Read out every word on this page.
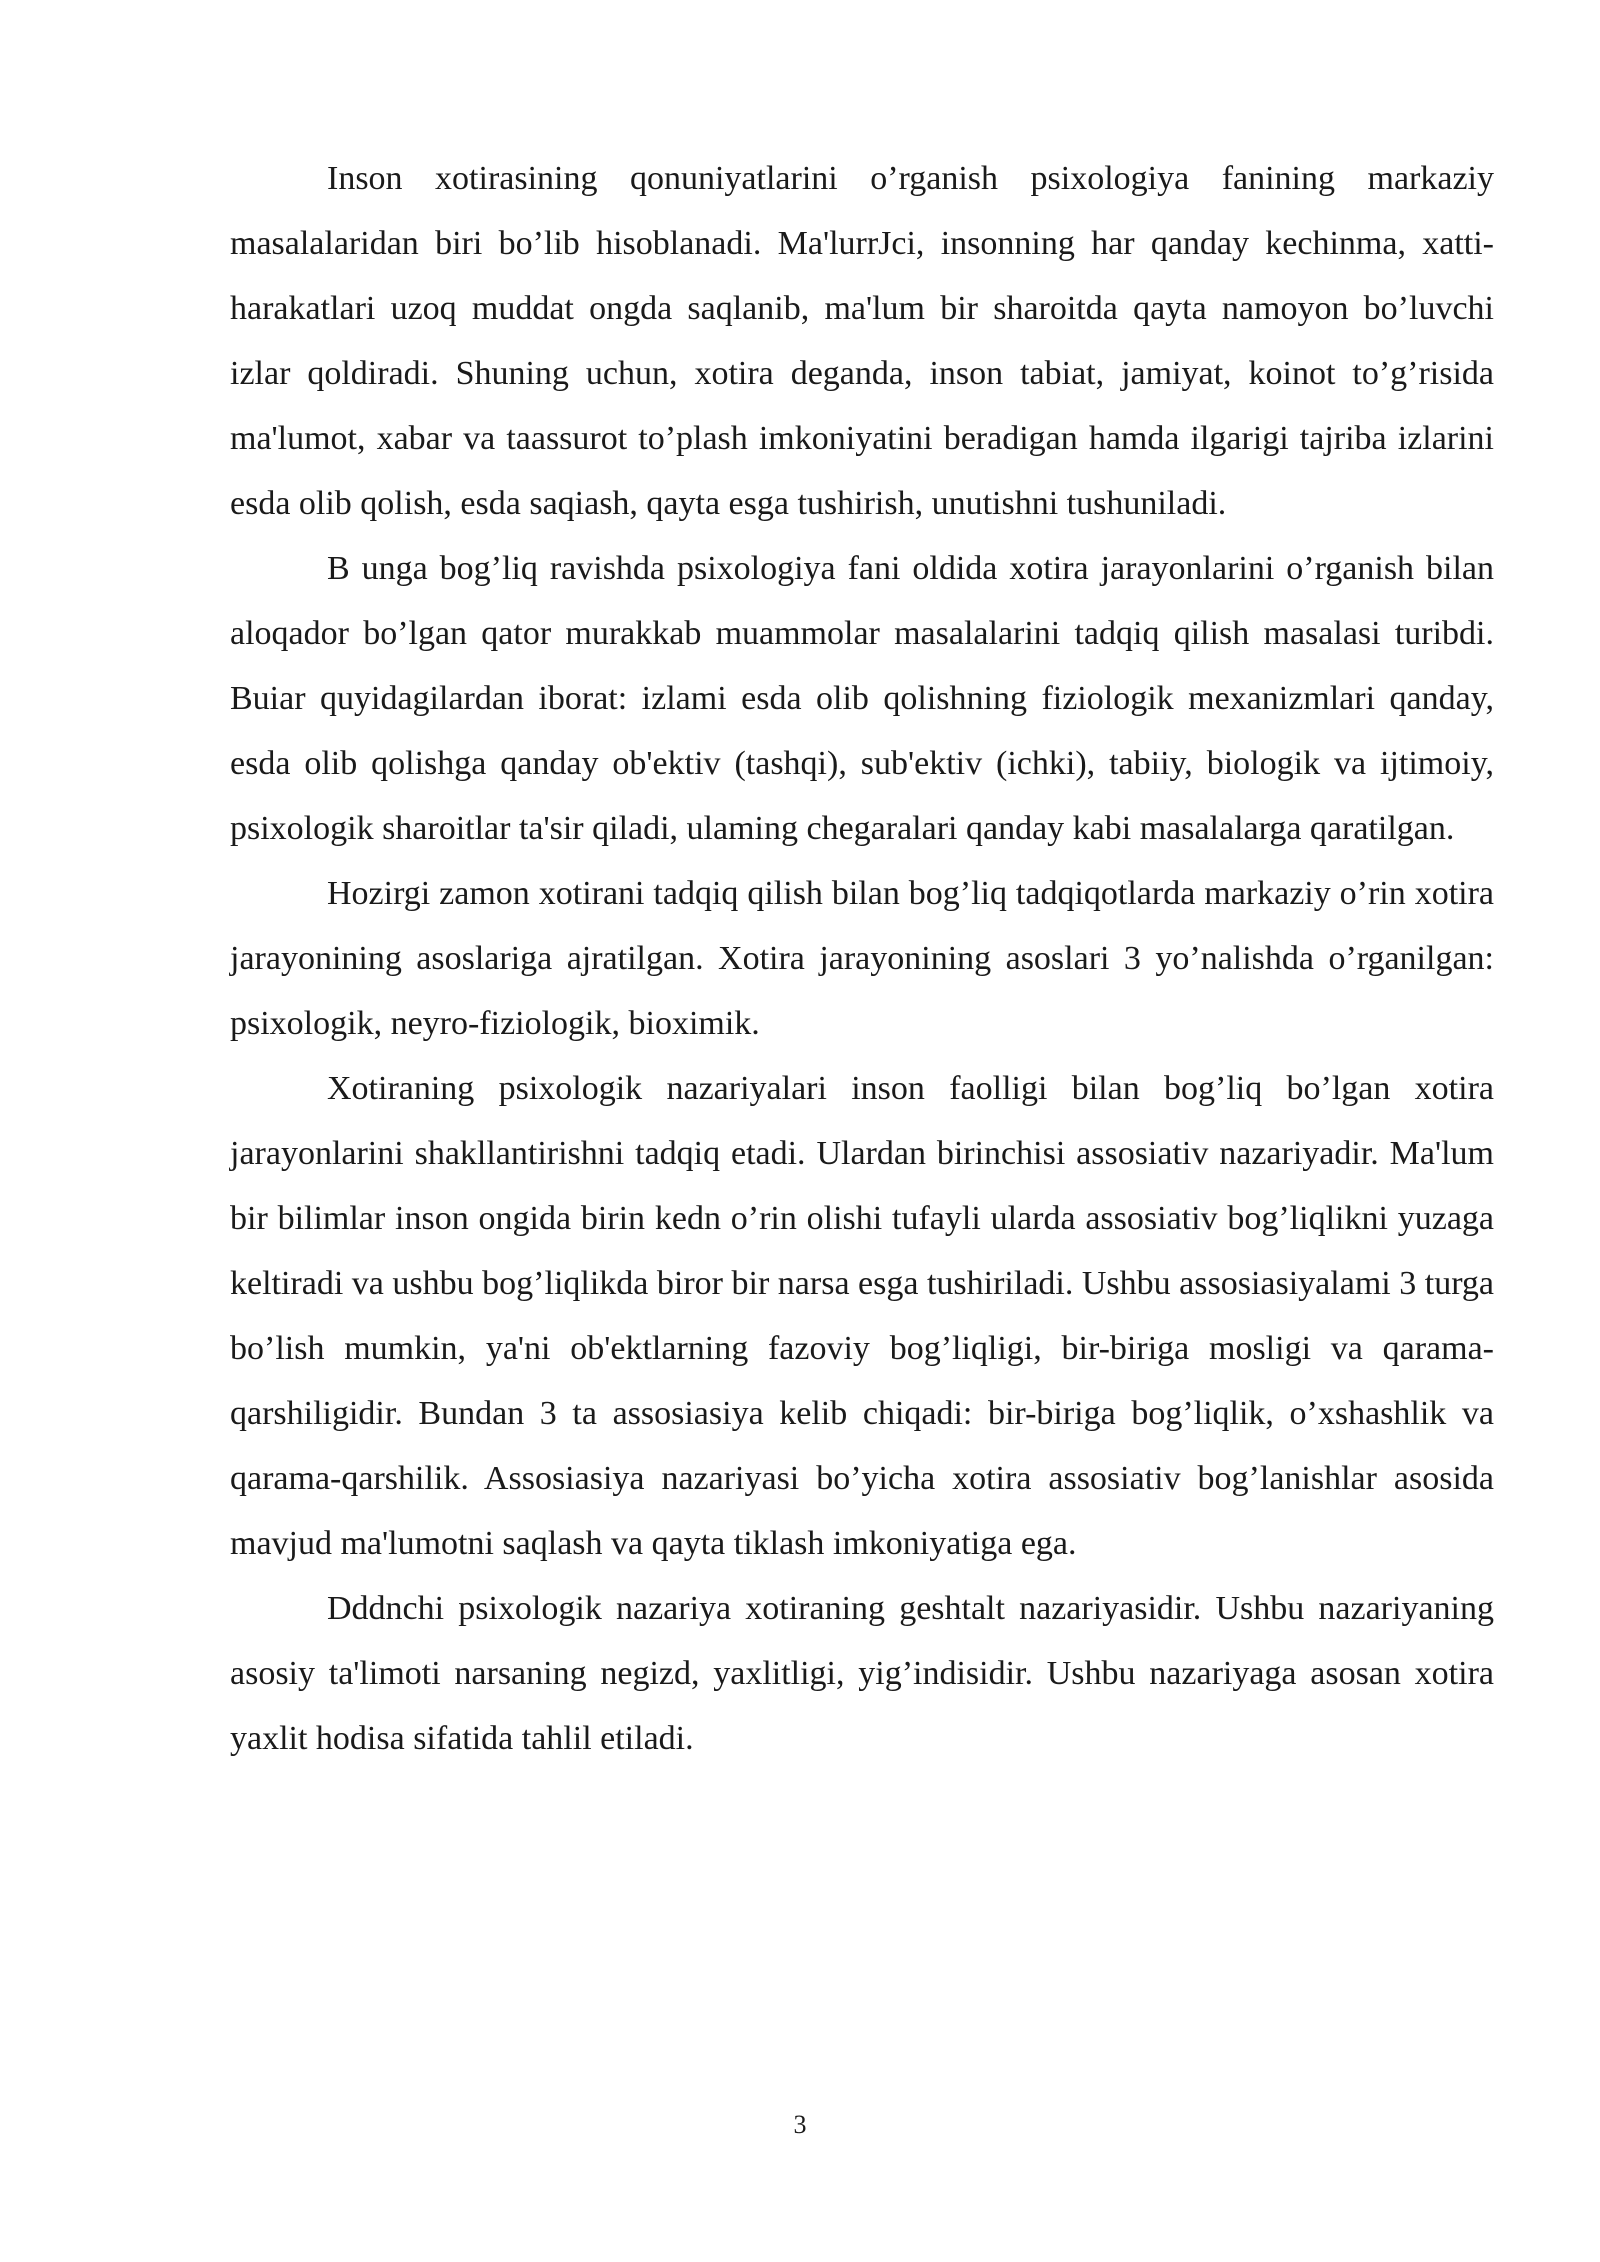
Inson xotirasining qonuniyatlarini o’rganish psixologiya fanining markaziy masalalaridan biri bo’lib hisoblanadi. Ma'lurrJci, insonning har qanday kechinma, xatti-harakatlari uzoq muddat ongda saqlanib, ma'lum bir sharoitda qayta namoyon bo’luvchi izlar qoldiradi. Shuning uchun, xotira deganda, inson tabiat, jamiyat, koinot to’g’risida ma'lumot, xabar va taassurot to’plash imkoniyatini beradigan hamda ilgarigi tajriba izlarini esda olib qolish, esda saqiash, qayta esga tushirish, unutishni tushuniladi.

B unga bog’liq ravishda psixologiya fani oldida xotira jarayonlarini o’rganish bilan aloqador bo’lgan qator murakkab muammolar masalalarini tadqiq qilish masalasi turibdi. Buiar quyidagilardan iborat: izlami esda olib qolishning fiziologik mexanizmlari qanday, esda olib qolishga qanday ob'ektiv (tashqi), sub'ektiv (ichki), tabiiy, biologik va ijtimoiy, psixologik sharoitlar ta'sir qiladi, ulaming chegaralari qanday kabi masalalarga qaratilgan.

Hozirgi zamon xotirani tadqiq qilish bilan bog’liq tadqiqotlarda markaziy o’rin xotira jarayonining asoslariga ajratilgan. Xotira jarayonining asoslari 3 yo’nalishda o’rganilgan: psixologik, neyro-fiziologik, bioximik.

Xotiraning psixologik nazariyalari inson faolligi bilan bog’liq bo’lgan xotira jarayonlarini shakllantirishni tadqiq etadi. Ulardan birinchisi assosiativ nazariyadir. Ma'lum bir bilimlar inson ongida birin kedn o’rin olishi tufayli ularda assosiativ bog’liqlikni yuzaga keltiradi va ushbu bog’liqlikda biror bir narsa esga tushiriladi. Ushbu assosiasiyalami 3 turga bo’lish mumkin, ya'ni ob'ektlarning fazoviy bog’liqligi, bir-biriga mosligi va qarama-qarshiligidir. Bundan 3 ta assosiasiya kelib chiqadi: bir-biriga bog’liqlik, o’xshashlik va qarama-qarshilik. Assosiasiya nazariyasi bo’yicha xotira assosiativ bog’lanishlar asosida mavjud ma'lumotni saqlash va qayta tiklash imkoniyatiga ega.

Dddnchi psixologik nazariya xotiraning geshtalt nazariyasidir. Ushbu nazariyaning asosiy ta'limoti narsaning negizd, yaxlitligi, yig’indisidir. Ushbu nazariyaga asosan xotira yaxlit hodisa sifatida tahlil etiladi.

3
